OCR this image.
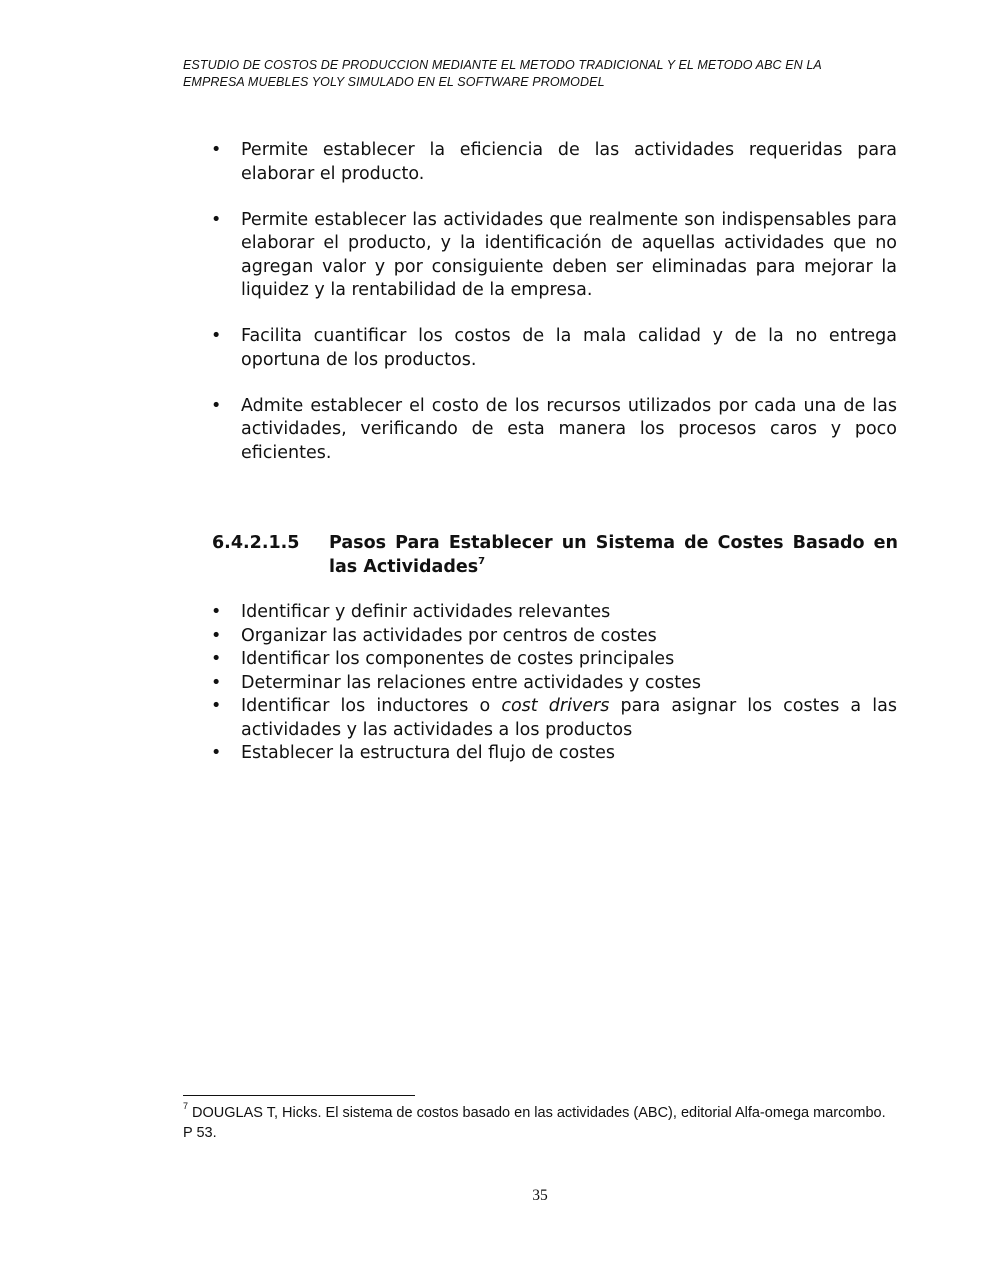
ESTUDIO DE COSTOS DE PRODUCCION MEDIANTE EL METODO TRADICIONAL Y EL METODO ABC EN LA
EMPRESA MUEBLES YOLY SIMULADO EN EL SOFTWARE PROMODEL
• Permite establecer la eficiencia de las actividades requeridas para elaborar el producto.
• Permite establecer las actividades que realmente son indispensables para elaborar el producto, y la identificación de aquellas actividades que no agregan valor y por consiguiente deben ser eliminadas para mejorar la liquidez y la rentabilidad de la empresa.
• Facilita cuantificar los costos de la mala calidad y de la no entrega oportuna de los productos.
• Admite establecer el costo de los recursos utilizados por cada una de las actividades, verificando de esta manera los procesos caros y poco eficientes.
6.4.2.1.5	Pasos Para Establecer un Sistema de Costes Basado en las Actividades$^7$
• Identificar y definir actividades relevantes
• Organizar las actividades por centros de costes
• Identificar los componentes de costes principales
• Determinar las relaciones entre actividades y costes
• Identificar los inductores o cost drivers para asignar los costes a las actividades y las actividades a los productos
• Establecer la estructura del flujo de costes
$^7$ DOUGLAS T, Hicks. El sistema de costos basado en las actividades (ABC), editorial Alfa-omega marcombo. P 53.
35
